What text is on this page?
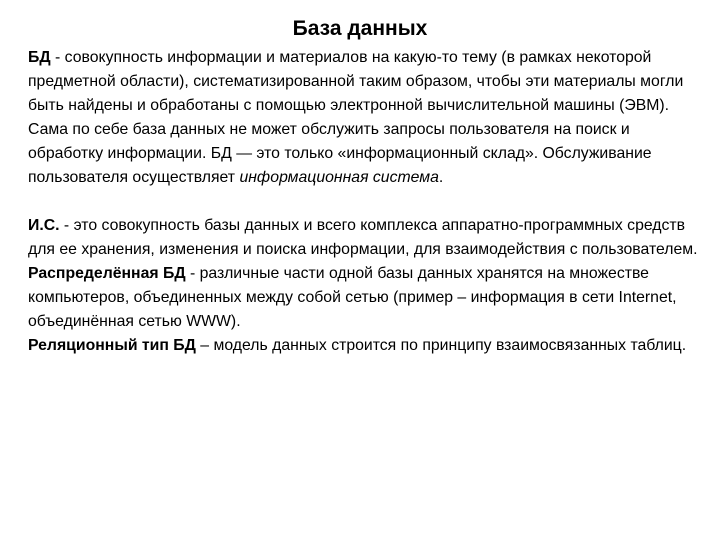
База данных

БД - совокупность информации и материалов на какую-то тему (в рамках некоторой предметной области), систематизированной таким образом, чтобы эти материалы могли быть найдены и обработаны с помощью электронной вычислительной машины (ЭВМ).

Сама по себе база данных не может обслужить запросы пользователя на поиск и обработку информации. БД — это только «информационный склад». Обслуживание пользователя осуществляет информационная система.

И.С. - это совокупность базы данных и всего комплекса аппаратно-программных средств для ее хранения, изменения и поиска информации, для взаимодействия с пользователем.

Распределённая БД - различные части одной базы данных хранятся на множестве компьютеров, объединенных между собой сетью (пример – информация в сети Internet, объединённая сетью WWW).

Реляционный тип БД – модель данных строится по принципу взаимосвязанных таблиц.
